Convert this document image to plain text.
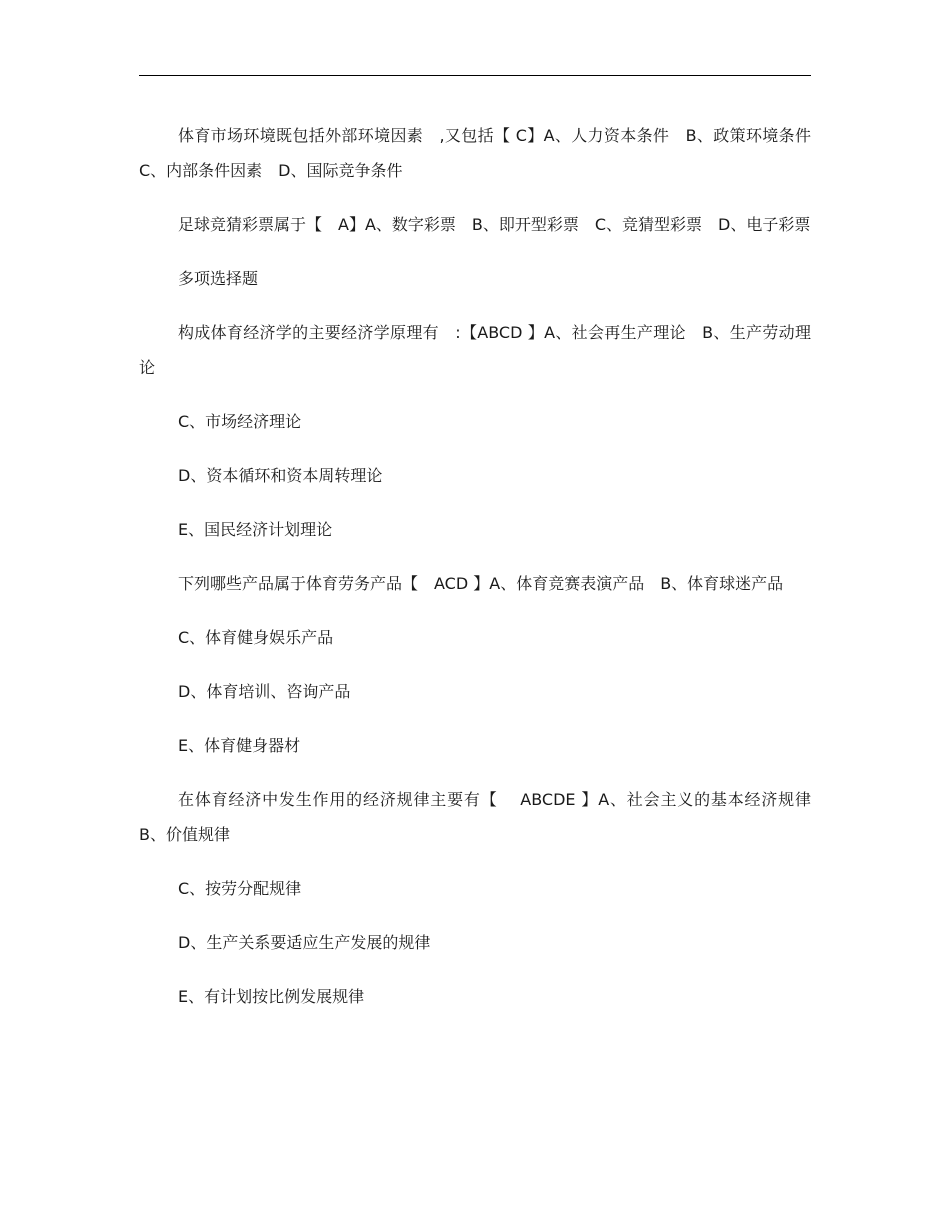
体育市场环境既包括外部环境因素　,又包括【 C】A、人力资本条件　B、政策环境条件　C、内部条件因素　D、国际竞争条件

足球竞猜彩票属于【　A】A、数字彩票　B、即开型彩票　C、竞猜型彩票　D、电子彩票

多项选择题

构成体育经济学的主要经济学原理有　:【ABCD 】A、社会再生产理论　B、生产劳动理论

C、市场经济理论

D、资本循环和资本周转理论

E、国民经济计划理论

下列哪些产品属于体育劳务产品【　ACD 】A、体育竞赛表演产品　B、体育球迷产品

C、体育健身娱乐产品

D、体育培训、咨询产品

E、体育健身器材

在体育经济中发生作用的经济规律主要有【　 ABCDE 】A、社会主义的基本经济规律　B、价值规律

C、按劳分配规律

D、生产关系要适应生产发展的规律

E、有计划按比例发展规律
